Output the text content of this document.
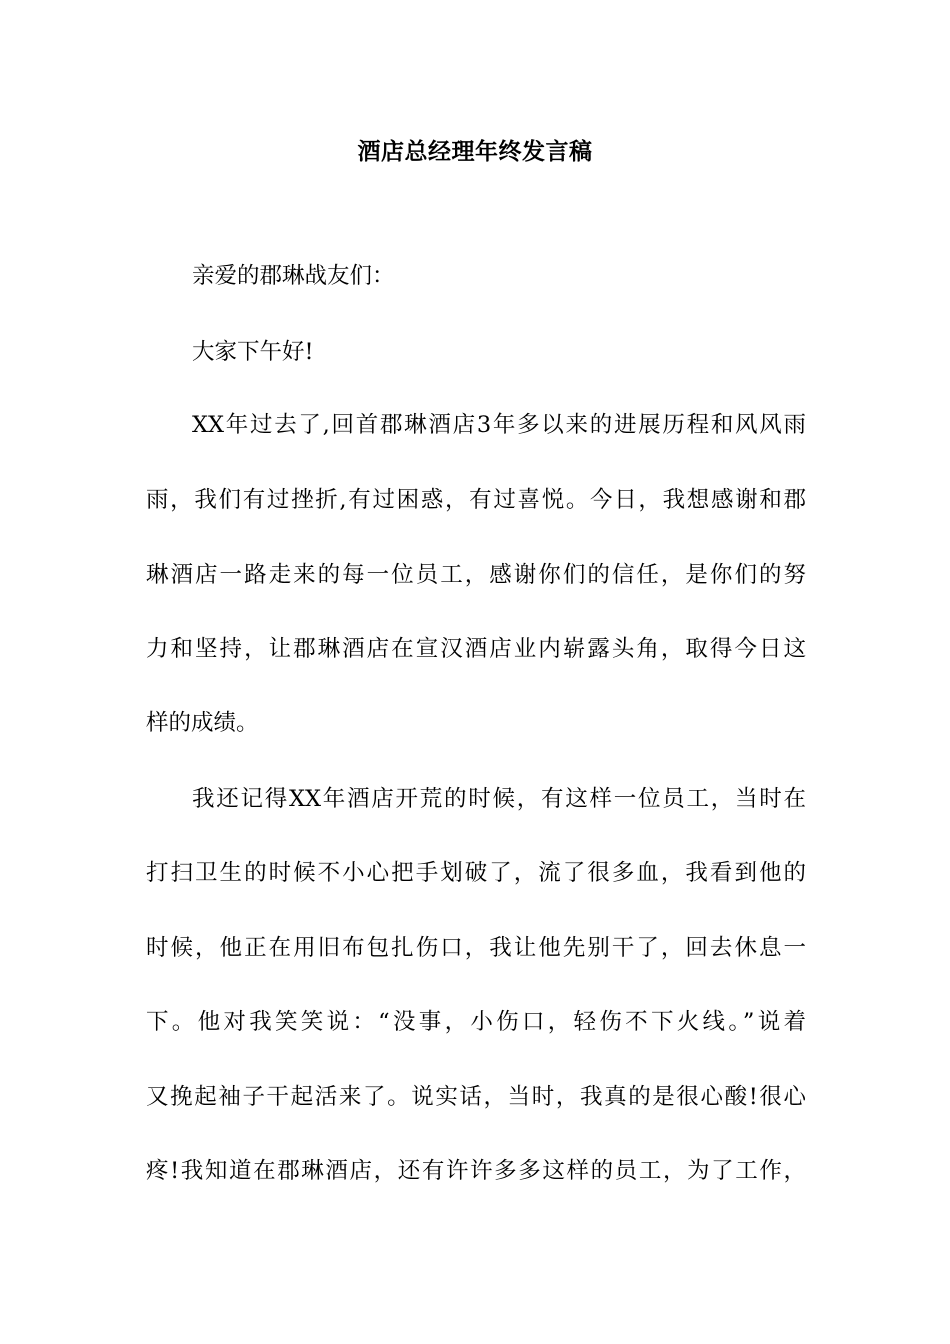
酒店总经理年终发言稿
亲爱的郡琳战友们：
大家下午好!
XX年过去了,回首郡琳酒店3年多以来的进展历程和风风雨
雨，我们有过挫折,有过困惑，有过喜悦。今日，我想感谢和郡
琳酒店一路走来的每一位员工，感谢你们的信任，是你们的努
力和坚持，让郡琳酒店在宣汉酒店业内崭露头角，取得今日这
样的成绩。
我还记得XX年酒店开荒的时候，有这样一位员工，当时在
打扫卫生的时候不小心把手划破了，流了很多血，我看到他的
时候，他正在用旧布包扎伤口，我让他先别干了，回去休息一
下。他对我笑笑说：“没事，小伤口，轻伤不下火线。”说着
又挽起袖子干起活来了。说实话，当时，我真的是很心酸!很心
疼!我知道在郡琳酒店，还有许许多多这样的员工，为了工作，
